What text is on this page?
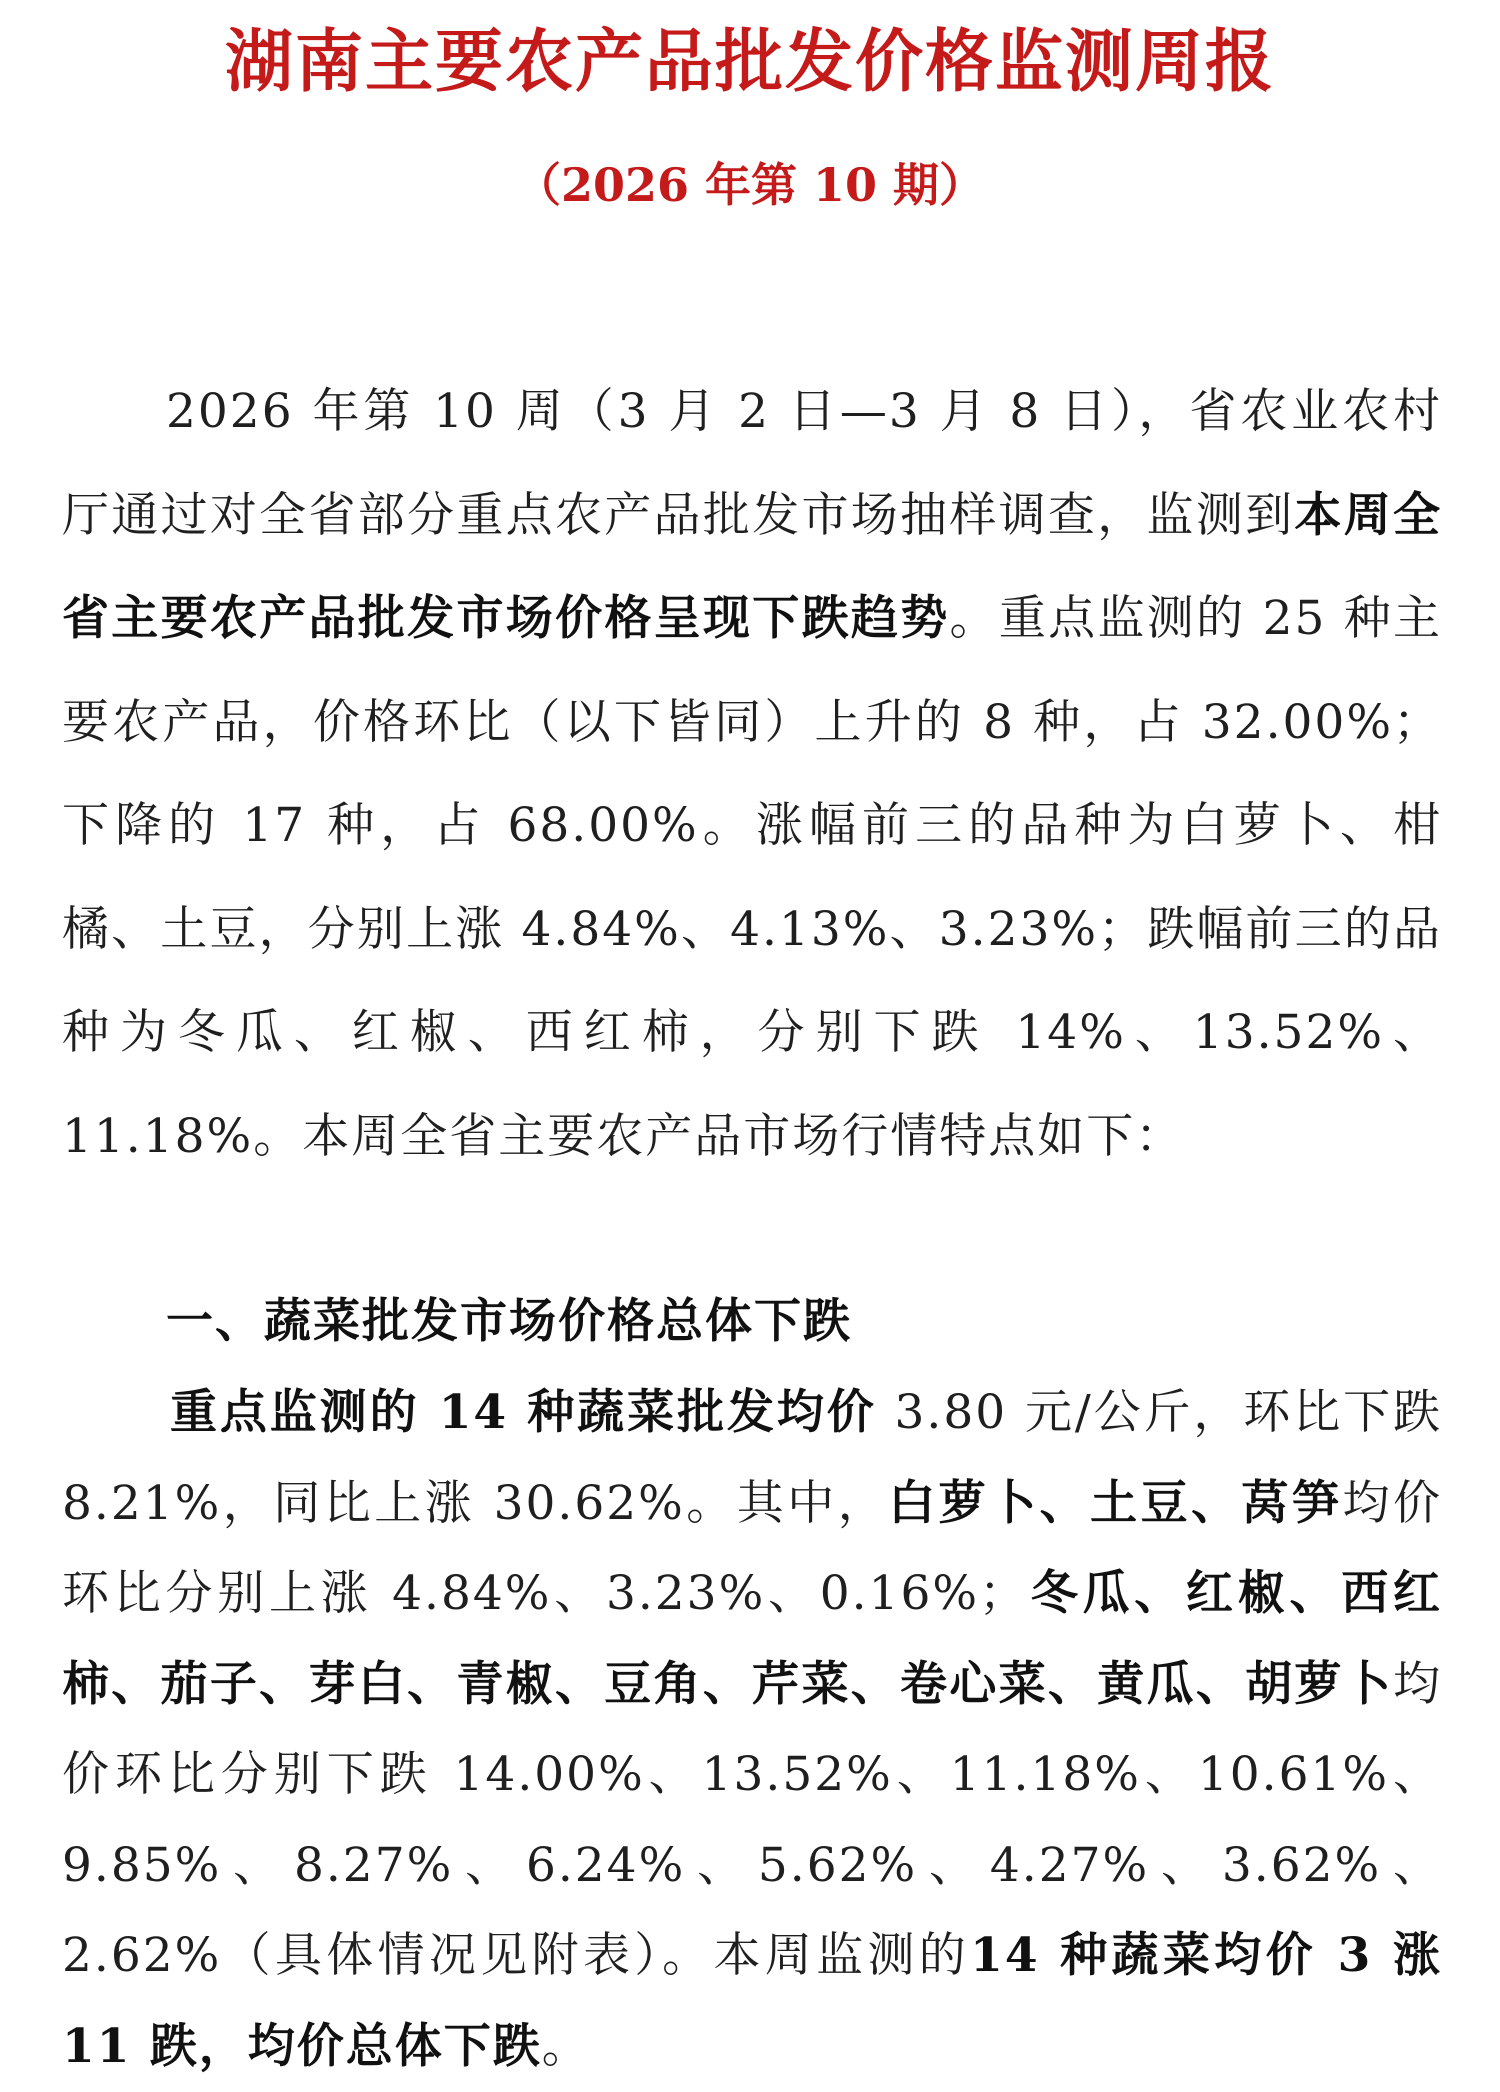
湖南主要农产品批发价格监测周报
（2026 年第 10 期）

2026 年第 10 周（3 月 2 日—3 月 8 日），省农业农村厅通过对全省部分重点农产品批发市场抽样调查，监测到本周全省主要农产品批发市场价格呈现下跌趋势。重点监测的 25 种主要农产品，价格环比（以下皆同）上升的 8 种，占 32.00%；下降的 17 种，占 68.00%。涨幅前三的品种为白萝卜、柑橘、土豆，分别上涨 4.84%、4.13%、3.23%；跌幅前三的品种为冬瓜、红椒、西红柿，分别下跌 14%、13.52%、11.18%。本周全省主要农产品市场行情特点如下：

一、蔬菜批发市场价格总体下跌

重点监测的 14 种蔬菜批发均价 3.80 元/公斤，环比下跌 8.21%，同比上涨 30.62%。其中，白萝卜、土豆、莴笋均价环比分别上涨 4.84%、3.23%、0.16%；冬瓜、红椒、西红柿、茄子、芽白、青椒、豆角、芹菜、卷心菜、黄瓜、胡萝卜均价环比分别下跌 14.00%、13.52%、11.18%、10.61%、9.85%、8.27%、6.24%、5.62%、4.27%、3.62%、2.62%（具体情况见附表）。本周监测的14 种蔬菜均价 3 涨 11 跌，均价总体下跌。
